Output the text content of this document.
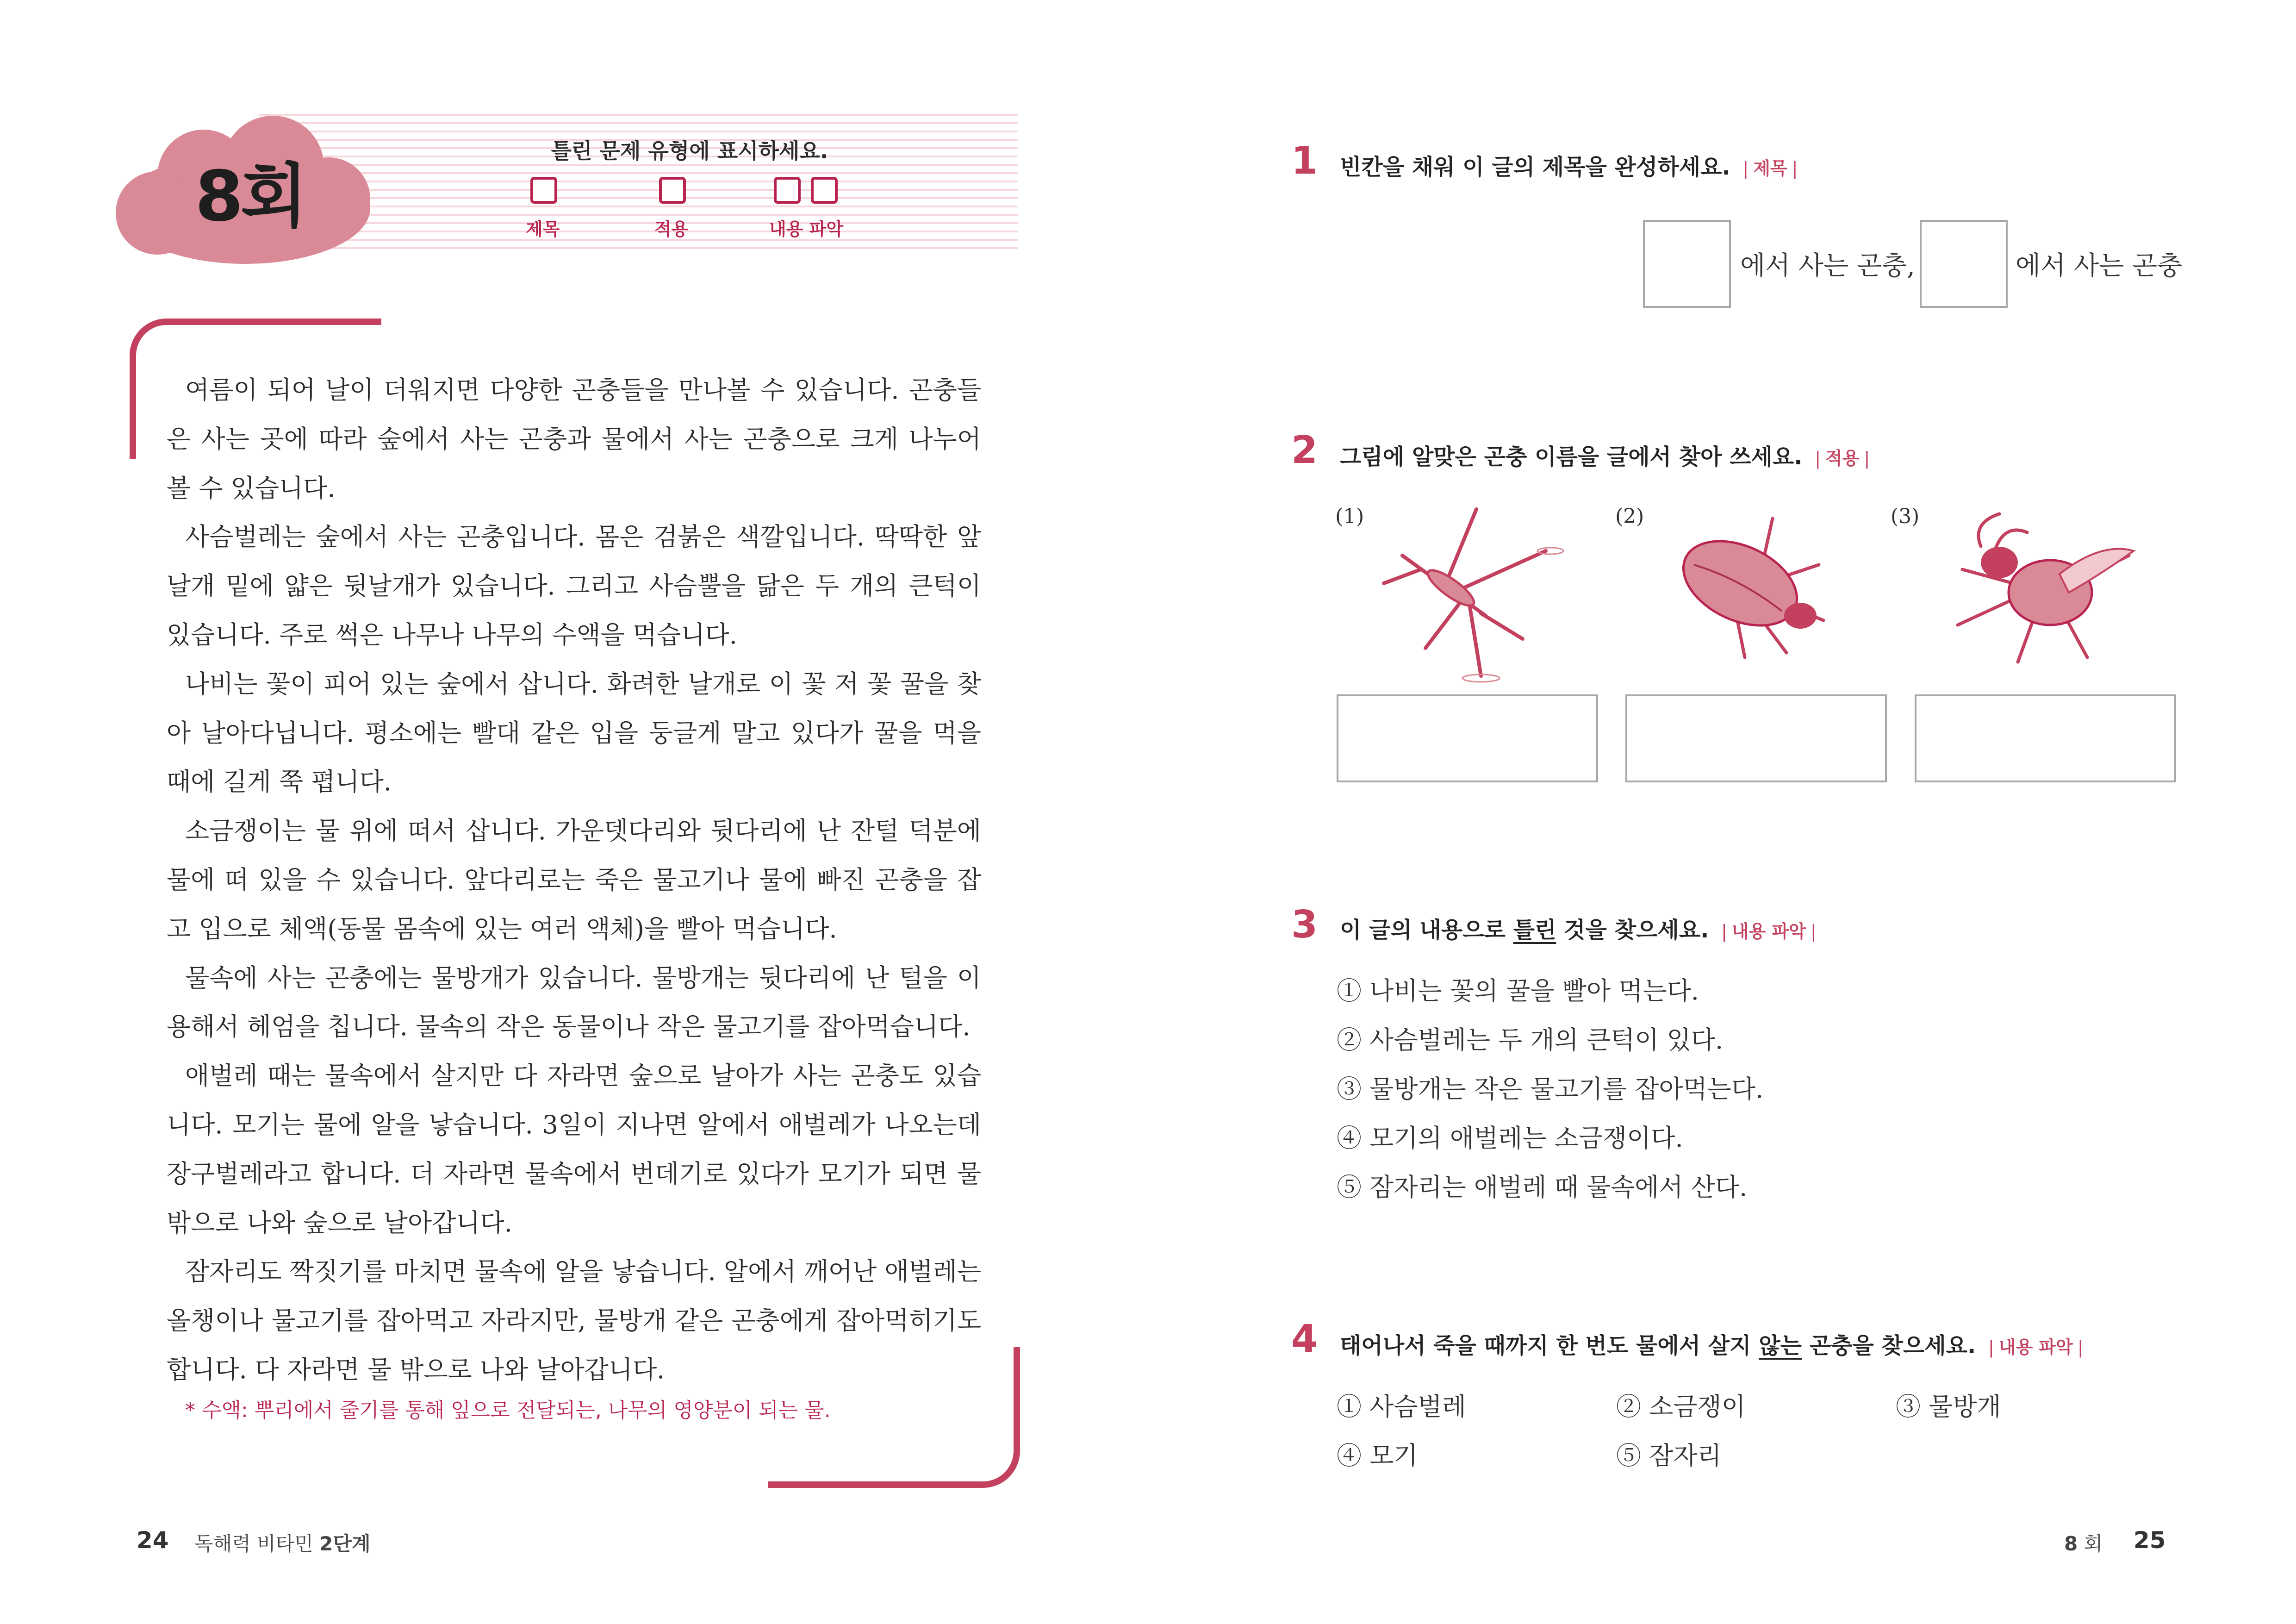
8회
틀린 문제 유형에 표시하세요.
제목	적용	내용 파악

여름이 되어 날이 더워지면 다양한 곤충들을 만나볼 수 있습니다. 곤충들은 사는 곳에 따라 숲에서 사는 곤충과 물에서 사는 곤충으로 크게 나누어 볼 수 있습니다.

사슴벌레는 숲에서 사는 곤충입니다. 몸은 검붉은 색깔입니다. 딱딱한 앞날개 밑에 얇은 뒷날개가 있습니다. 그리고 사슴뿔을 닮은 두 개의 큰턱이 있습니다. 주로 썩은 나무나 나무의 수액을 먹습니다.

나비는 꽃이 피어 있는 숲에서 삽니다. 화려한 날개로 이 꽃 저 꽃 꿀을 찾아 날아다닙니다. 평소에는 빨대 같은 입을 둥글게 말고 있다가 꿀을 먹을 때에 길게 쭉 폅니다.

소금쟁이는 물 위에 떠서 삽니다. 가운뎃다리와 뒷다리에 난 잔털 덕분에 물에 떠 있을 수 있습니다. 앞다리로는 죽은 물고기나 물에 빠진 곤충을 잡고 입으로 체액(동물 몸속에 있는 여러 액체)을 빨아 먹습니다.

물속에 사는 곤충에는 물방개가 있습니다. 물방개는 뒷다리에 난 털을 이용해서 헤엄을 칩니다. 물속의 작은 동물이나 작은 물고기를 잡아먹습니다.

애벌레 때는 물속에서 살지만 다 자라면 숲으로 날아가 사는 곤충도 있습니다. 모기는 물에 알을 낳습니다. 3일이 지나면 알에서 애벌레가 나오는데 장구벌레라고 합니다. 더 자라면 물속에서 번데기로 있다가 모기가 되면 물 밖으로 나와 숲으로 날아갑니다.

잠자리도 짝짓기를 마치면 물속에 알을 낳습니다. 알에서 깨어난 애벌레는 올챙이나 물고기를 잡아먹고 자라지만, 물방개 같은 곤충에게 잡아먹히기도 합니다. 다 자라면 물 밖으로 나와 날아갑니다.

* 수액: 뿌리에서 줄기를 통해 잎으로 전달되는, 나무의 영양분이 되는 물.
24 독해력 비타민 2단계
1 빈칸을 채워 이 글의 제목을 완성하세요. | 제목 |
에서 사는 곤충,	에서 사는 곤충
2 그림에 알맞은 곤충 이름을 글에서 찾아 쓰세요. | 적용 |
(1)	(2)	(3)
3 이 글의 내용으로 틀린 것을 찾으세요. | 내용 파악 |
① 나비는 꽃의 꿀을 빨아 먹는다.
② 사슴벌레는 두 개의 큰턱이 있다.
③ 물방개는 작은 물고기를 잡아먹는다.
④ 모기의 애벌레는 소금쟁이다.
⑤ 잠자리는 애벌레 때 물속에서 산다.
4 태어나서 죽을 때까지 한 번도 물에서 살지 않는 곤충을 찾으세요. | 내용 파악 |
① 사슴벌레	② 소금쟁이	③ 물방개
④ 모기	⑤ 잠자리
8 회 25
